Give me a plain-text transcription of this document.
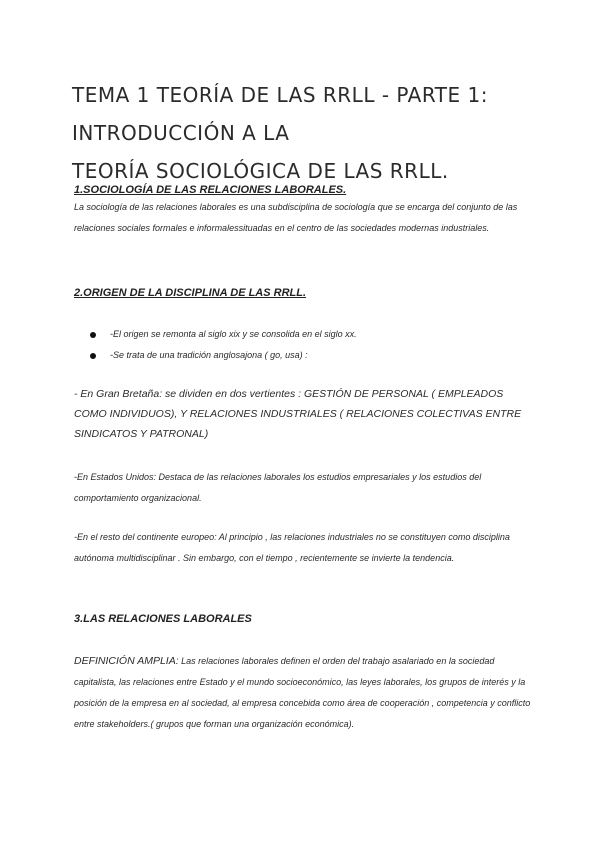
TEMA 1 TEORÍA DE LAS RRLL - PARTE 1: INTRODUCCIÓN A LA
TEORÍA SOCIOLÓGICA DE LAS RRLL.
1.SOCIOLOGÍA DE LAS RELACIONES LABORALES.

La sociología de las relaciones laborales es una subdisciplina de sociología que se encarga del conjunto de las relaciones sociales formales e informalessituadas en el centro de las sociedades modernas industriales.

2.ORIGEN DE LA DISCIPLINA DE LAS RRLL.
-El origen se remonta al siglo xix y se consolida en el siglo xx.
-Se trata de una tradición anglosajona ( go, usa) :

- En Gran Bretaña: se dividen en dos vertientes : GESTIÓN DE PERSONAL ( EMPLEADOS COMO INDIVIDUOS), Y RELACIONES INDUSTRIALES ( RELACIONES COLECTIVAS ENTRE SINDICATOS Y PATRONAL)

-En Estados Unidos: Destaca de las relaciones laborales los estudios empresariales y los estudios del comportamiento organizacional.

-En el resto del continente europeo: Al principio , las relaciones industriales no se constituyen como disciplina autónoma multidisciplinar . Sin embargo, con el tiempo , recientemente se invierte la tendencia.

3.LAS RELACIONES LABORALES

DEFINICIÓN AMPLIA: Las relaciones laborales definen el orden del trabajo asalariado en la sociedad capitalista, las relaciones entre Estado y el mundo socioeconómico, las leyes laborales, los grupos de interés y la posición de la empresa en al sociedad, al empresa concebida como área de cooperación , competencia y conflicto entre stakeholders.( grupos que forman una organización económica).
